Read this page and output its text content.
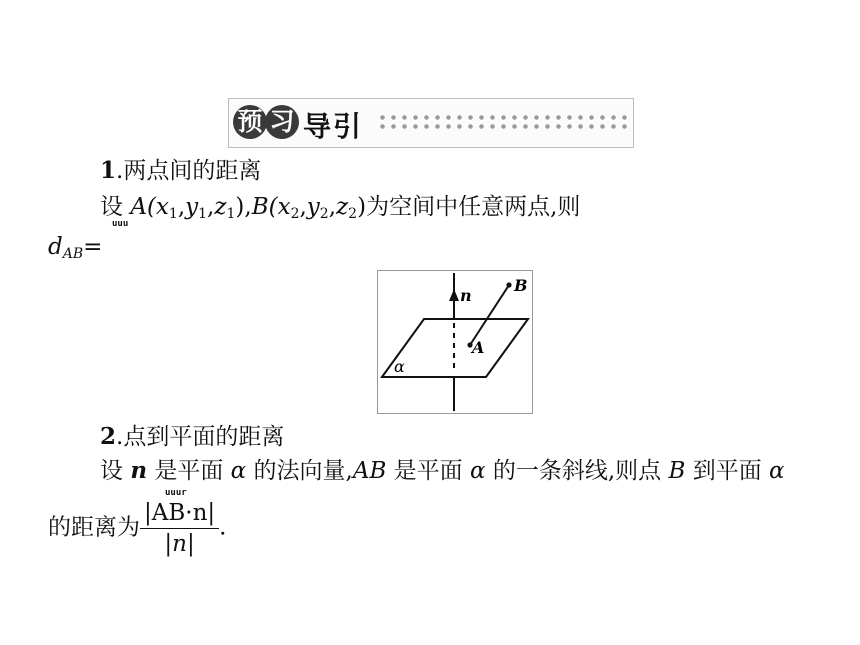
预 习 导引
1.两点间的距离
设 $A(x_1,y_1,z_1),B(x_2,y_2,z_2)$为空间中任意两点,则
uuu
$d_{AB}=$
n
B
A
α
2.点到平面的距离
设 n 是平面 α 的法向量,AB 是平面 α 的一条斜线,则点 B 到平面 α
uuur
的距离为 $\frac{|AB\cdot n|}{|n|}$ .
